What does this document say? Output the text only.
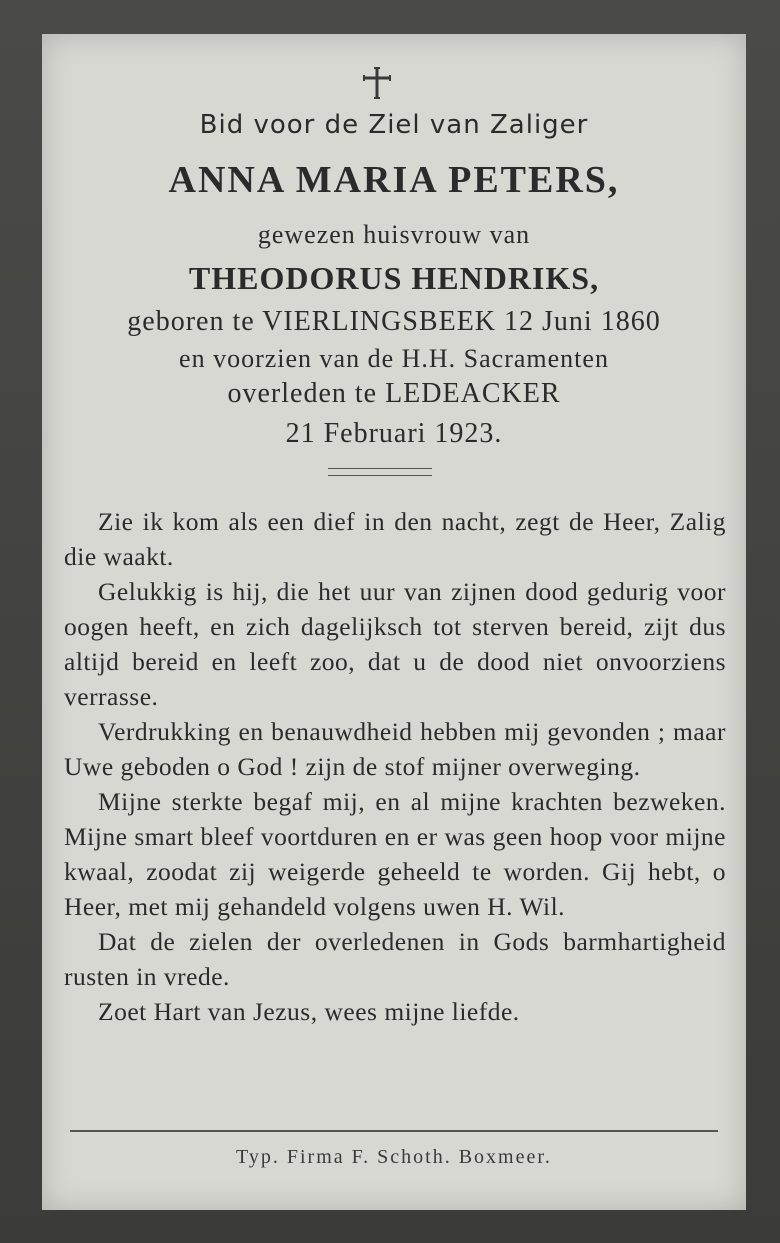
Bid voor de Ziel van Zaliger
ANNA MARIA PETERS,
gewezen huisvrouw van
THEODORUS HENDRIKS,
geboren te VIERLINGSBEEK 12 Juni 1860
en voorzien van de H.H. Sacramenten
overleden te LEDEACKER
21 Februari 1923.

Zie ik kom als een dief in den nacht, zegt de Heer, Zalig die waakt.

Gelukkig is hij, die het uur van zijnen dood gedurig voor oogen heeft, en zich dagelijksch tot sterven bereid, zijt dus altijd bereid en leeft zoo, dat u de dood niet onvoorziens verrasse.

Verdrukking en benauwdheid hebben mij gevonden ; maar Uwe geboden o God ! zijn de stof mijner overweging.

Mijne sterkte begaf mij, en al mijne krachten bezweken. Mijne smart bleef voortduren en er was geen hoop voor mijne kwaal, zoodat zij weigerde geheeld te worden. Gij hebt, o Heer, met mij gehandeld volgens uwen H. Wil.

Dat de zielen der overledenen in Gods barmhartigheid rusten in vrede.

Zoet Hart van Jezus, wees mijne liefde.

Typ. Firma F. Schoth. Boxmeer.
